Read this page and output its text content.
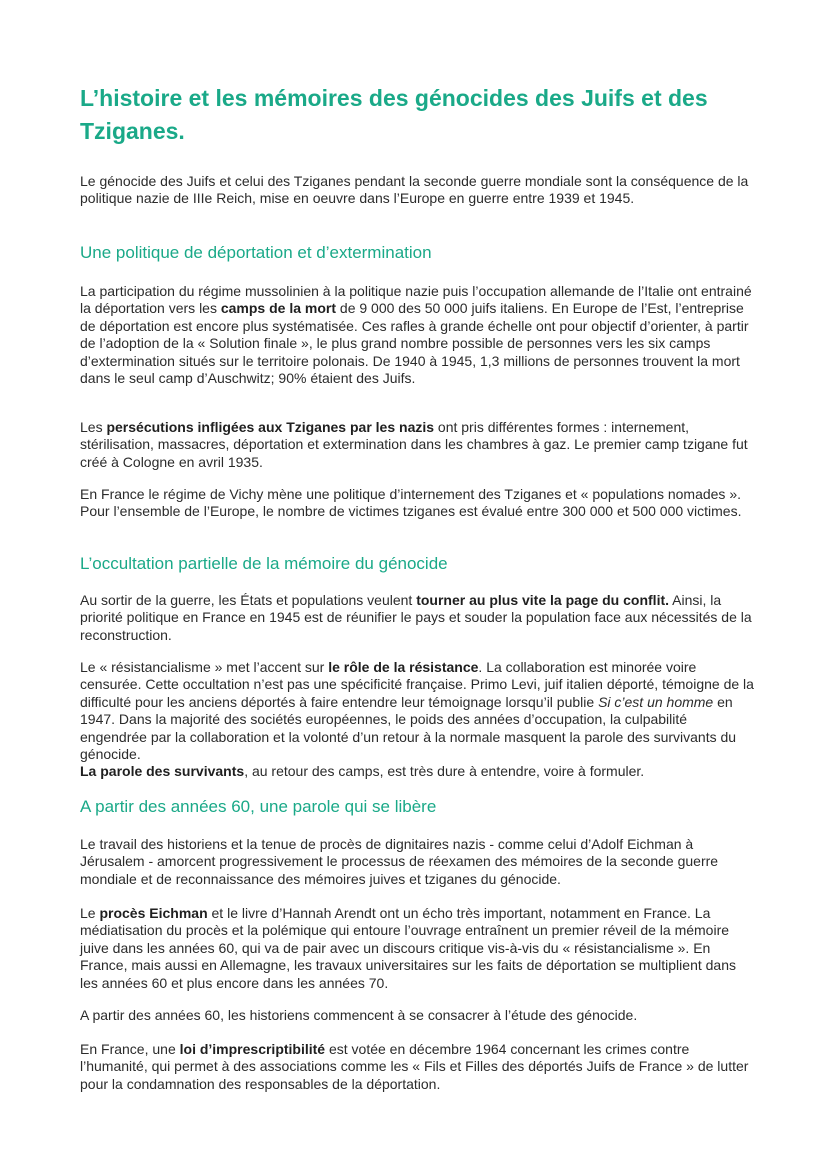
L’histoire et les mémoires des génocides des Juifs et des Tziganes.

Le génocide des Juifs et celui des Tziganes pendant la seconde guerre mondiale sont la conséquence de la politique nazie de IIIe Reich, mise en oeuvre dans l’Europe en guerre entre 1939 et 1945.

Une politique de déportation et d’extermination

La participation du régime mussolinien à la politique nazie puis l’occupation allemande de l’Italie ont entrainé la déportation vers les camps de la mort de 9 000 des 50 000 juifs italiens. En Europe de l’Est, l’entreprise de déportation est encore plus systématisée. Ces rafles à grande échelle ont pour objectif d’orienter, à partir de l’adoption de la « Solution finale », le plus grand nombre possible de personnes vers les six camps d’extermination situés sur le territoire polonais. De 1940 à 1945, 1,3 millions de personnes trouvent la mort dans le seul camp d’Auschwitz; 90% étaient des Juifs.

Les persécutions infligées aux Tziganes par les nazis ont pris différentes formes : internement, stérilisation, massacres, déportation et extermination dans les chambres à gaz. Le premier camp tzigane fut créé à Cologne en avril 1935.

En France le régime de Vichy mène une politique d’internement des Tziganes et « populations nomades ». Pour l’ensemble de l’Europe, le nombre de victimes tziganes est évalué entre 300 000 et 500 000 victimes.

L’occultation partielle de la mémoire du génocide

Au sortir de la guerre, les États et populations veulent tourner au plus vite la page du conflit. Ainsi, la priorité politique en France en 1945 est de réunifier le pays et souder la population face aux nécessités de la reconstruction.

Le « résistancialisme » met l’accent sur le rôle de la résistance. La collaboration est minorée voire censurée. Cette occultation n’est pas une spécificité française. Primo Levi, juif italien déporté, témoigne de la difficulté pour les anciens déportés à faire entendre leur témoignage lorsqu’il publie Si c’est un homme en 1947. Dans la majorité des sociétés européennes, le poids des années d’occupation, la culpabilité engendrée par la collaboration et la volonté d’un retour à la normale masquent la parole des survivants du génocide.

La parole des survivants, au retour des camps, est très dure à entendre, voire à formuler.

A partir des années 60, une parole qui se libère

Le travail des historiens et la tenue de procès de dignitaires nazis - comme celui d’Adolf Eichman à Jérusalem - amorcent progressivement le processus de réexamen des mémoires de la seconde guerre mondiale et de reconnaissance des mémoires juives et tziganes du génocide.

Le procès Eichman et le livre d’Hannah Arendt ont un écho très important, notamment en France. La médiatisation du procès et la polémique qui entoure l’ouvrage entraînent un premier réveil de la mémoire juive dans les années 60, qui va de pair avec un discours critique vis-à-vis du « résistancialisme ». En France, mais aussi en Allemagne, les travaux universitaires sur les faits de déportation se multiplient dans les années 60 et plus encore dans les années 70.

A partir des années 60, les historiens commencent à se consacrer à l’étude des génocide.

En France, une loi d’imprescriptibilité est votée en décembre 1964 concernant les crimes contre l’humanité, qui permet à des associations comme les « Fils et Filles des déportés Juifs de France » de lutter pour la condamnation des responsables de la déportation.
